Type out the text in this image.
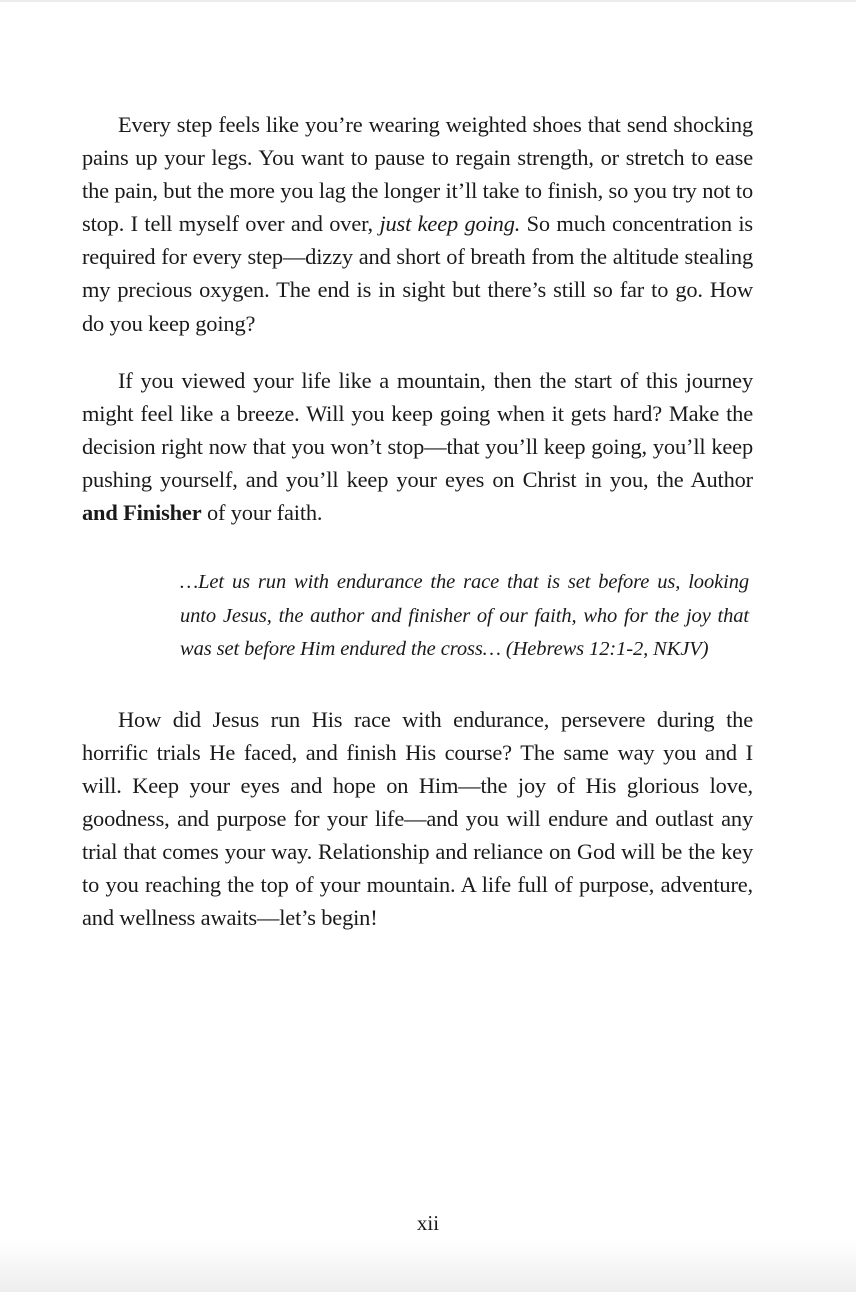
Every step feels like you’re wearing weighted shoes that send shocking pains up your legs. You want to pause to regain strength, or stretch to ease the pain, but the more you lag the longer it’ll take to finish, so you try not to stop. I tell myself over and over, just keep going. So much concentration is required for every step—dizzy and short of breath from the altitude stealing my precious oxygen. The end is in sight but there’s still so far to go. How do you keep going?

If you viewed your life like a mountain, then the start of this journey might feel like a breeze. Will you keep going when it gets hard? Make the decision right now that you won’t stop—that you’ll keep going, you’ll keep pushing yourself, and you’ll keep your eyes on Christ in you, the Author and Finisher of your faith.

…Let us run with endurance the race that is set before us, looking unto Jesus, the author and finisher of our faith, who for the joy that was set before Him endured the cross… (Hebrews 12:1-2, NKJV)

How did Jesus run His race with endurance, persevere during the horrific trials He faced, and finish His course? The same way you and I will. Keep your eyes and hope on Him—the joy of His glorious love, goodness, and purpose for your life—and you will endure and outlast any trial that comes your way. Relationship and reliance on God will be the key to you reaching the top of your mountain. A life full of purpose, adventure, and wellness awaits—let’s begin!

xii
